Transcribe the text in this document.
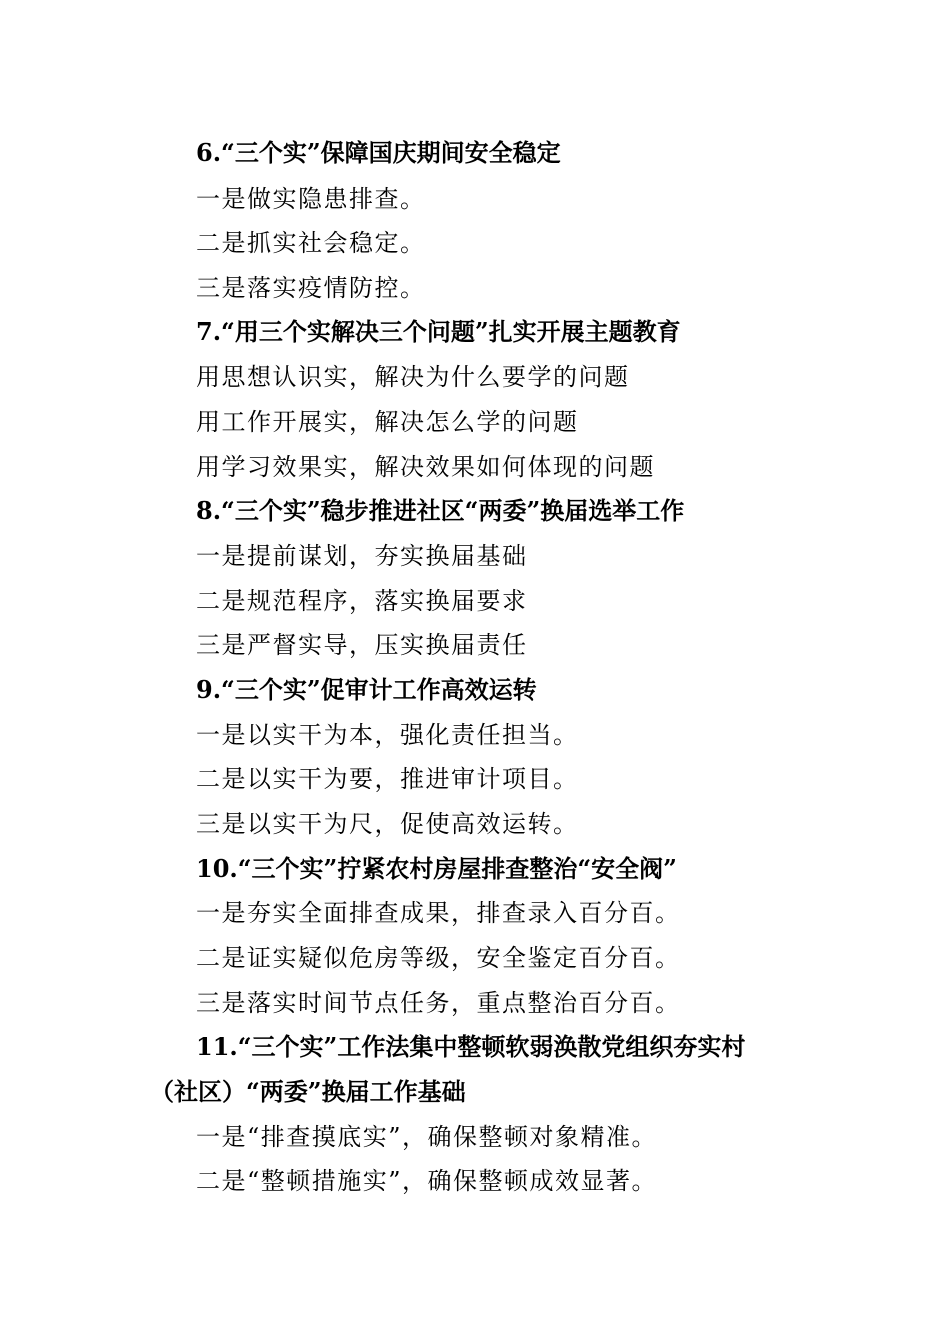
6.“三个实”保障国庆期间安全稳定
一是做实隐患排查。
二是抓实社会稳定。
三是落实疫情防控。
7.“用三个实解决三个问题”扎实开展主题教育
用思想认识实，解决为什么要学的问题
用工作开展实，解决怎么学的问题
用学习效果实，解决效果如何体现的问题
8.“三个实”稳步推进社区“两委”换届选举工作
一是提前谋划，夯实换届基础
二是规范程序，落实换届要求
三是严督实导，压实换届责任
9.“三个实”促审计工作高效运转
一是以实干为本，强化责任担当。
二是以实干为要，推进审计项目。
三是以实干为尺，促使高效运转。
10.“三个实”拧紧农村房屋排查整治“安全阀”
一是夯实全面排查成果，排查录入百分百。
二是证实疑似危房等级，安全鉴定百分百。
三是落实时间节点任务，重点整治百分百。
11.“三个实”工作法集中整顿软弱涣散党组织夯实村
（社区）“两委”换届工作基础
一是“排查摸底实”，确保整顿对象精准。
二是“整顿措施实”，确保整顿成效显著。
